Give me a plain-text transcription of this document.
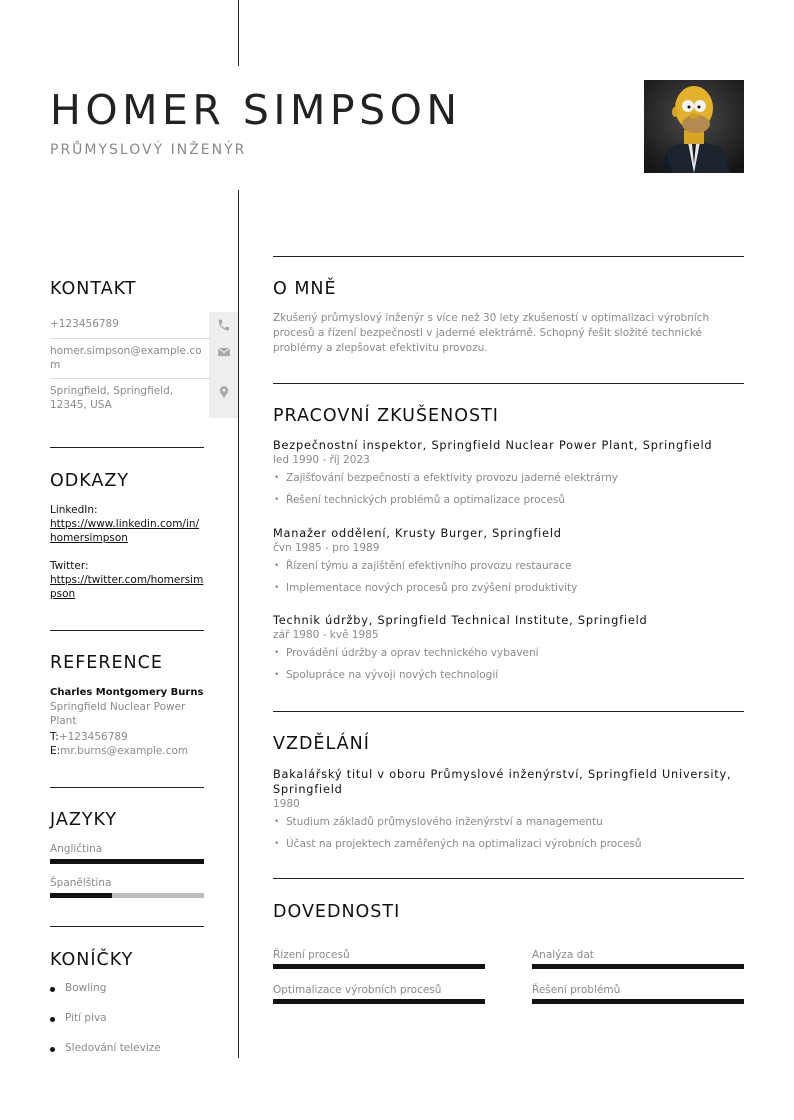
HOMER SIMPSON
PRŮMYSLOVÝ INŽENÝR
KONTAKT
+123456789
homer.simpson@example.com
Springfield, Springfield, 12345, USA
ODKAZY
LinkedIn:
https://www.linkedin.com/in/homersimpson
Twitter:
https://twitter.com/homersimpson
REFERENCE
Charles Montgomery Burns
Springfield Nuclear Power Plant
T:+123456789
E:mr.burns@example.com
JAZYKY
Angličtina
Španělština
KONÍČKY
Bowling
Pití piva
Sledování televize
O MNĚ
Zkušený průmyslový inženýr s více než 30 lety zkušeností v optimalizaci výrobních procesů a řízení bezpečnosti v jaderné elektrárně. Schopný řešit složité technické problémy a zlepšovat efektivitu provozu.
PRACOVNÍ ZKUŠENOSTI
Bezpečnostní inspektor, Springfield Nuclear Power Plant, Springfield
led 1990 - říj 2023
• Zajišťování bezpečnosti a efektivity provozu jaderné elektrárny
• Řešení technických problémů a optimalizace procesů
Manažer oddělení, Krusty Burger, Springfield
čvn 1985 - pro 1989
• Řízení týmu a zajištění efektivního provozu restaurace
• Implementace nových procesů pro zvýšení produktivity
Technik údržby, Springfield Technical Institute, Springfield
zář 1980 - kvě 1985
• Provádění údržby a oprav technického vybavení
• Spolupráce na vývoji nových technologií
VZDĚLÁNÍ
Bakalářský titul v oboru Průmyslové inženýrství, Springfield University, Springfield
1980
• Studium základů průmyslového inženýrství a managementu
• Účast na projektech zaměřených na optimalizaci výrobních procesů
DOVEDNOSTI
Řízení procesů	Analýza dat
Optimalizace výrobních procesů	Řešení problémů
